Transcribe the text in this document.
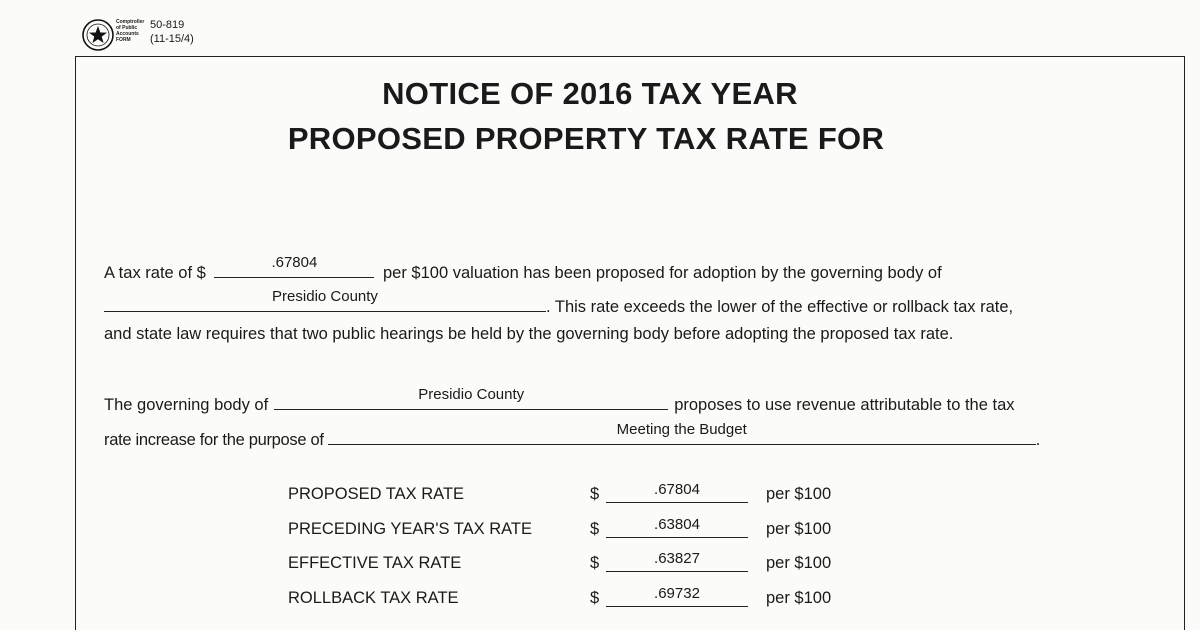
Comptroller of Public Accounts FORM
50-819
(11-15/4)
NOTICE OF 2016 TAX YEAR
PROPOSED PROPERTY TAX RATE FOR
A tax rate of $
.67804
per $100 valuation has been proposed for adoption by the governing body of
Presidio County
. This rate exceeds the lower of the effective or rollback tax rate,
and state law requires that two public hearings be held by the governing body before adopting the proposed tax rate.
The governing body of
Presidio County
proposes to use revenue attributable to the tax
rate increase for the purpose of
Meeting the Budget
.
PROPOSED TAX RATE	$	.67804	per $100
PRECEDING YEAR'S TAX RATE	$	.63804	per $100
EFFECTIVE TAX RATE	$	.63827	per $100
ROLLBACK TAX RATE	$	.69732	per $100
